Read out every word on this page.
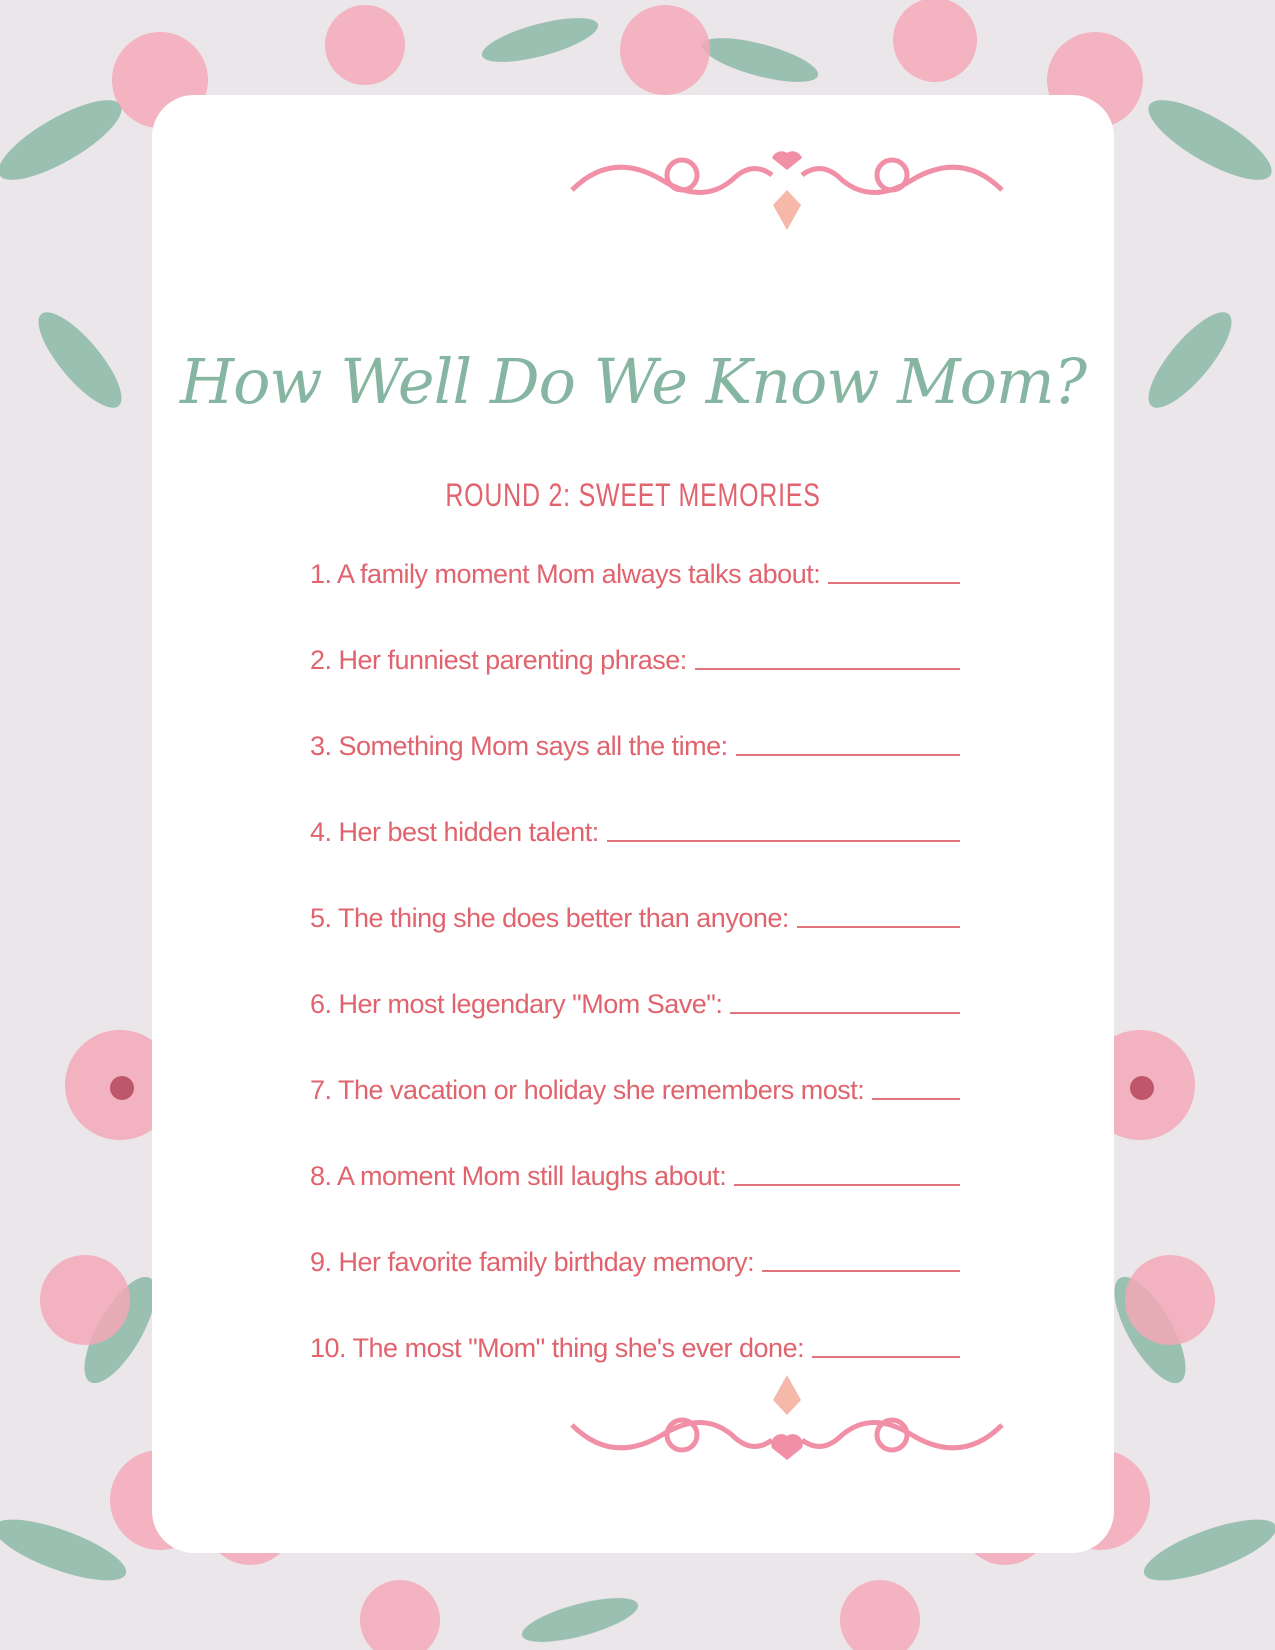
How Well Do We Know Mom?
ROUND 2: SWEET MEMORIES
1. A family moment Mom always talks about:
2. Her funniest parenting phrase:
3. Something Mom says all the time:
4. Her best hidden talent:
5. The thing she does better than anyone:
6. Her most legendary "Mom Save":
7. The vacation or holiday she remembers most:
8. A moment Mom still laughs about:
9. Her favorite family birthday memory:
10. The most "Mom" thing she's ever done:
